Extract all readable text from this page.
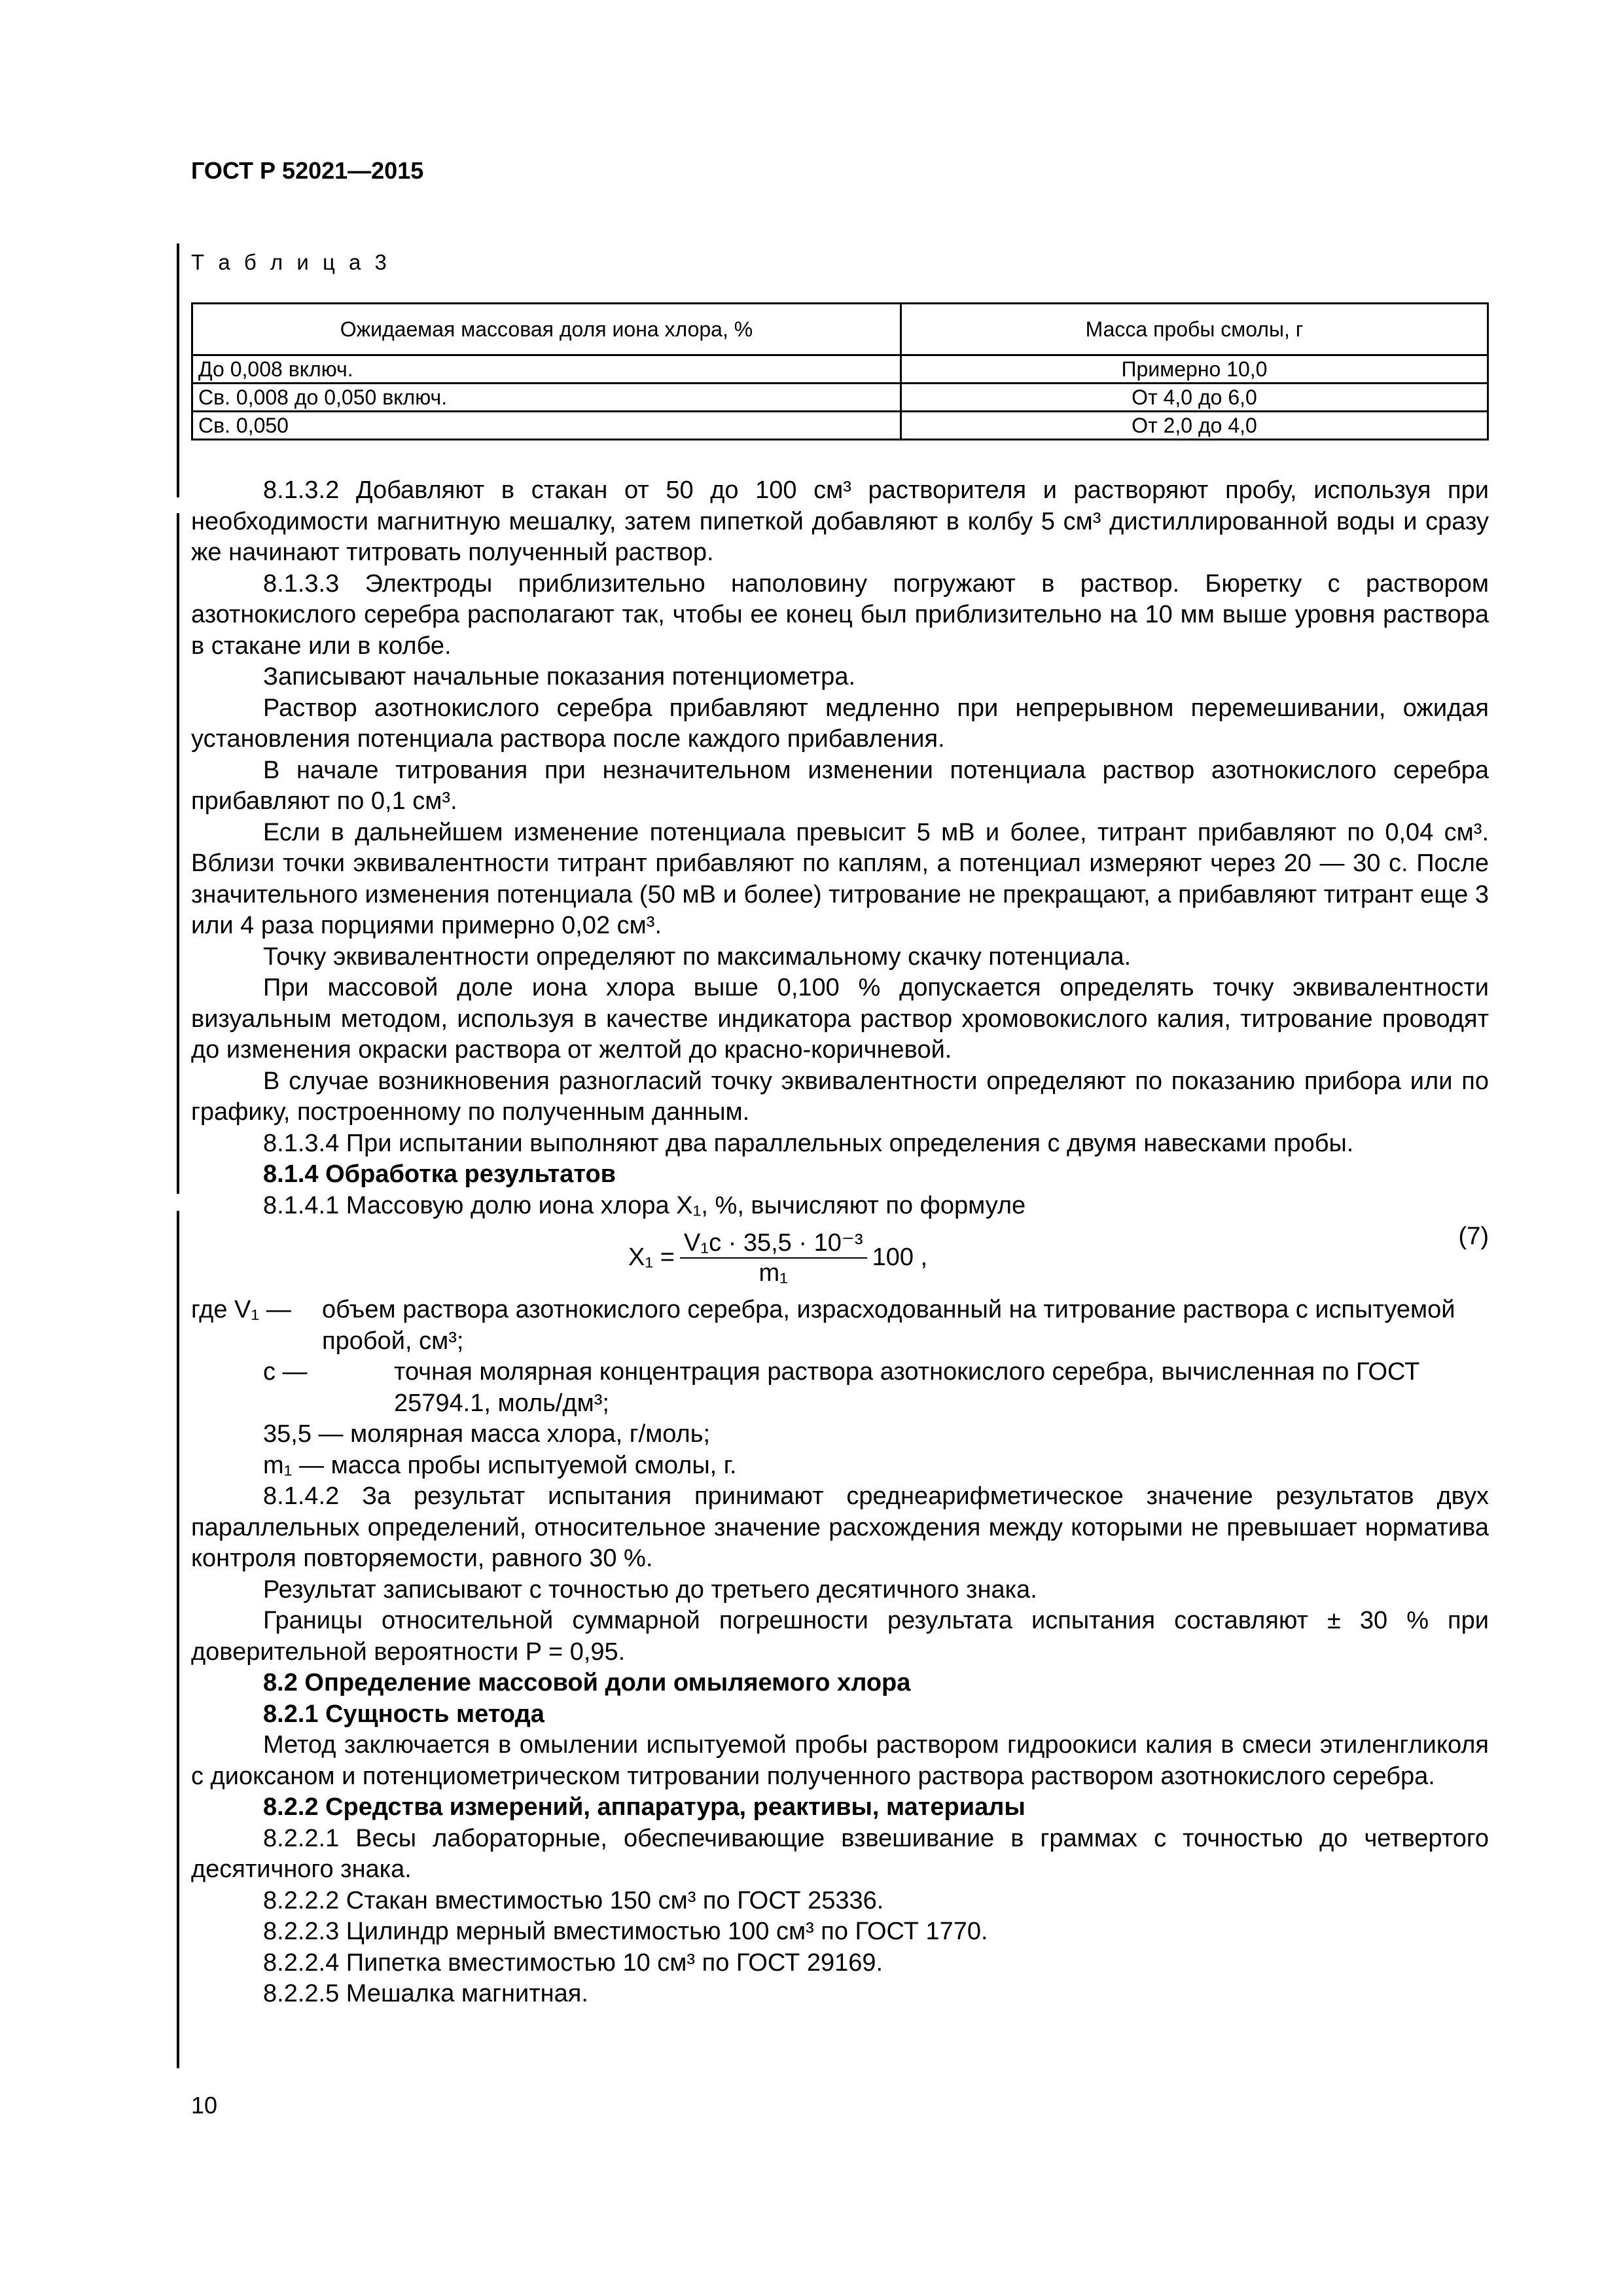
ГОСТ Р 52021—2015
Т а б л и ц а 3
Ожидаемая массовая доля иона хлора, %	Масса пробы смолы, г
До 0,008 включ.	Примерно 10,0
Св. 0,008 до 0,050 включ.	От 4,0 до 6,0
Св. 0,050	От 2,0 до 4,0

8.1.3.2 Добавляют в стакан от 50 до 100 см³ растворителя и растворяют пробу, используя при необходимости магнитную мешалку, затем пипеткой добавляют в колбу 5 см³ дистиллированной воды и сразу же начинают титровать полученный раствор.

8.1.3.3 Электроды приблизительно наполовину погружают в раствор. Бюретку с раствором азотнокислого серебра располагают так, чтобы ее конец был приблизительно на 10 мм выше уровня раствора в стакане или в колбе.

Записывают начальные показания потенциометра.

Раствор азотнокислого серебра прибавляют медленно при непрерывном перемешивании, ожидая установления потенциала раствора после каждого прибавления.

В начале титрования при незначительном изменении потенциала раствор азотнокислого серебра прибавляют по 0,1 см³.

Если в дальнейшем изменение потенциала превысит 5 мВ и более, титрант прибавляют по 0,04 см³. Вблизи точки эквивалентности титрант прибавляют по каплям, а потенциал измеряют через 20 — 30 с. После значительного изменения потенциала (50 мВ и более) титрование не прекращают, а прибавляют титрант еще 3 или 4 раза порциями примерно 0,02 см³.

Точку эквивалентности определяют по максимальному скачку потенциала.

При массовой доле иона хлора выше 0,100 % допускается определять точку эквивалентности визуальным методом, используя в качестве индикатора раствор хромовокислого калия, титрование проводят до изменения окраски раствора от желтой до красно-коричневой.

В случае возникновения разногласий точку эквивалентности определяют по показанию прибора или по графику, построенному по полученным данным.

8.1.3.4 При испытании выполняют два параллельных определения с двумя навесками пробы.

8.1.4 Обработка результатов

8.1.4.1 Массовую долю иона хлора X₁, %, вычисляют по формуле

$X_1 = \frac{\text{V₁c · 35,5 · 10⁻³}}{\text{m₁}} 100$ ,
(7)
где V₁ —	объем раствора азотнокислого серебра, израсходованный на титрование раствора с испытуемой пробой, см³;
c —	точная молярная концентрация раствора азотнокислого серебра, вычисленная по ГОСТ 25794.1, моль/дм³;
35,5 — молярная масса хлора, г/моль;
m₁ — масса пробы испытуемой смолы, г.

8.1.4.2 За результат испытания принимают среднеарифметическое значение результатов двух параллельных определений, относительное значение расхождения между которыми не превышает норматива контроля повторяемости, равного 30 %.

Результат записывают с точностью до третьего десятичного знака.

Границы относительной суммарной погрешности результата испытания составляют ± 30 % при доверительной вероятности P = 0,95.

8.2 Определение массовой доли омыляемого хлора

8.2.1 Сущность метода

Метод заключается в омылении испытуемой пробы раствором гидроокиси калия в смеси этиленгликоля с диоксаном и потенциометрическом титровании полученного раствора раствором азотнокислого серебра.

8.2.2 Средства измерений, аппаратура, реактивы, материалы

8.2.2.1 Весы лабораторные, обеспечивающие взвешивание в граммах с точностью до четвертого десятичного знака.

8.2.2.2 Стакан вместимостью 150 см³ по ГОСТ 25336.

8.2.2.3 Цилиндр мерный вместимостью 100 см³ по ГОСТ 1770.

8.2.2.4 Пипетка вместимостью 10 см³ по ГОСТ 29169.

8.2.2.5 Мешалка магнитная.

10
